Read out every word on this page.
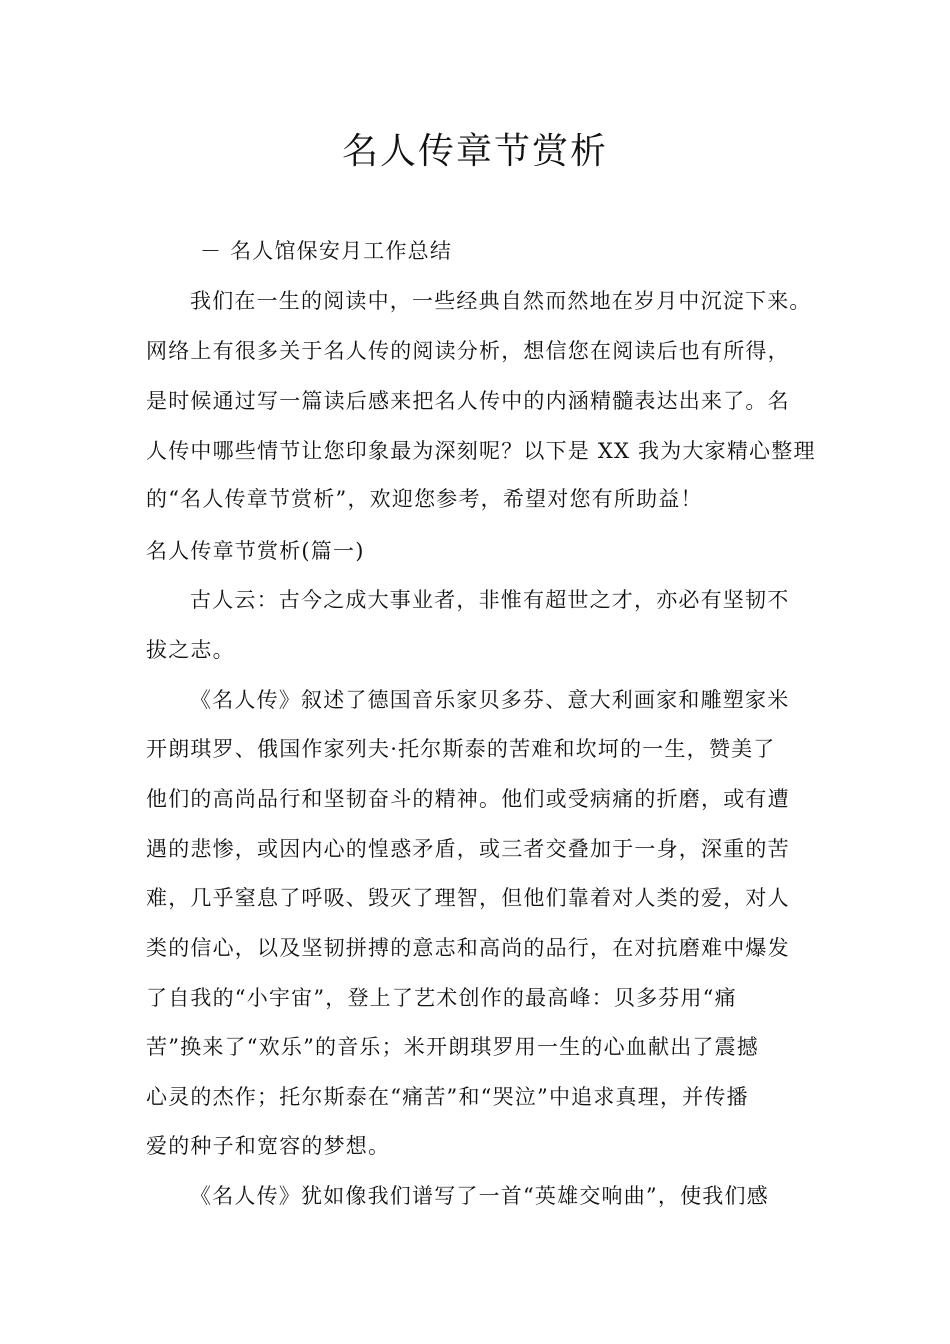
名人传章节赏析
－ 名人馆保安月工作总结
我们在一生的阅读中，一些经典自然而然地在岁月中沉淀下来。
网络上有很多关于名人传的阅读分析，想信您在阅读后也有所得，
是时候通过写一篇读后感来把名人传中的内涵精髓表达出来了。名
人传中哪些情节让您印象最为深刻呢？以下是 XX 我为大家精心整理
的“名人传章节赏析”，欢迎您参考，希望对您有所助益！
名人传章节赏析(篇一)
古人云：古今之成大事业者，非惟有超世之才，亦必有坚韧不
拔之志。
《名人传》叙述了德国音乐家贝多芬、意大利画家和雕塑家米
开朗琪罗、俄国作家列夫·托尔斯泰的苦难和坎坷的一生，赞美了
他们的高尚品行和坚韧奋斗的精神。他们或受病痛的折磨，或有遭
遇的悲惨，或因内心的惶惑矛盾，或三者交叠加于一身，深重的苦
难，几乎窒息了呼吸、毁灭了理智，但他们靠着对人类的爱，对人
类的信心，以及坚韧拼搏的意志和高尚的品行，在对抗磨难中爆发
了自我的“小宇宙”，登上了艺术创作的最高峰：贝多芬用“痛
苦”换来了“欢乐”的音乐；米开朗琪罗用一生的心血献出了震撼
心灵的杰作；托尔斯泰在“痛苦”和“哭泣”中追求真理，并传播
爱的种子和宽容的梦想。
《名人传》犹如像我们谱写了一首“英雄交响曲”，使我们感
